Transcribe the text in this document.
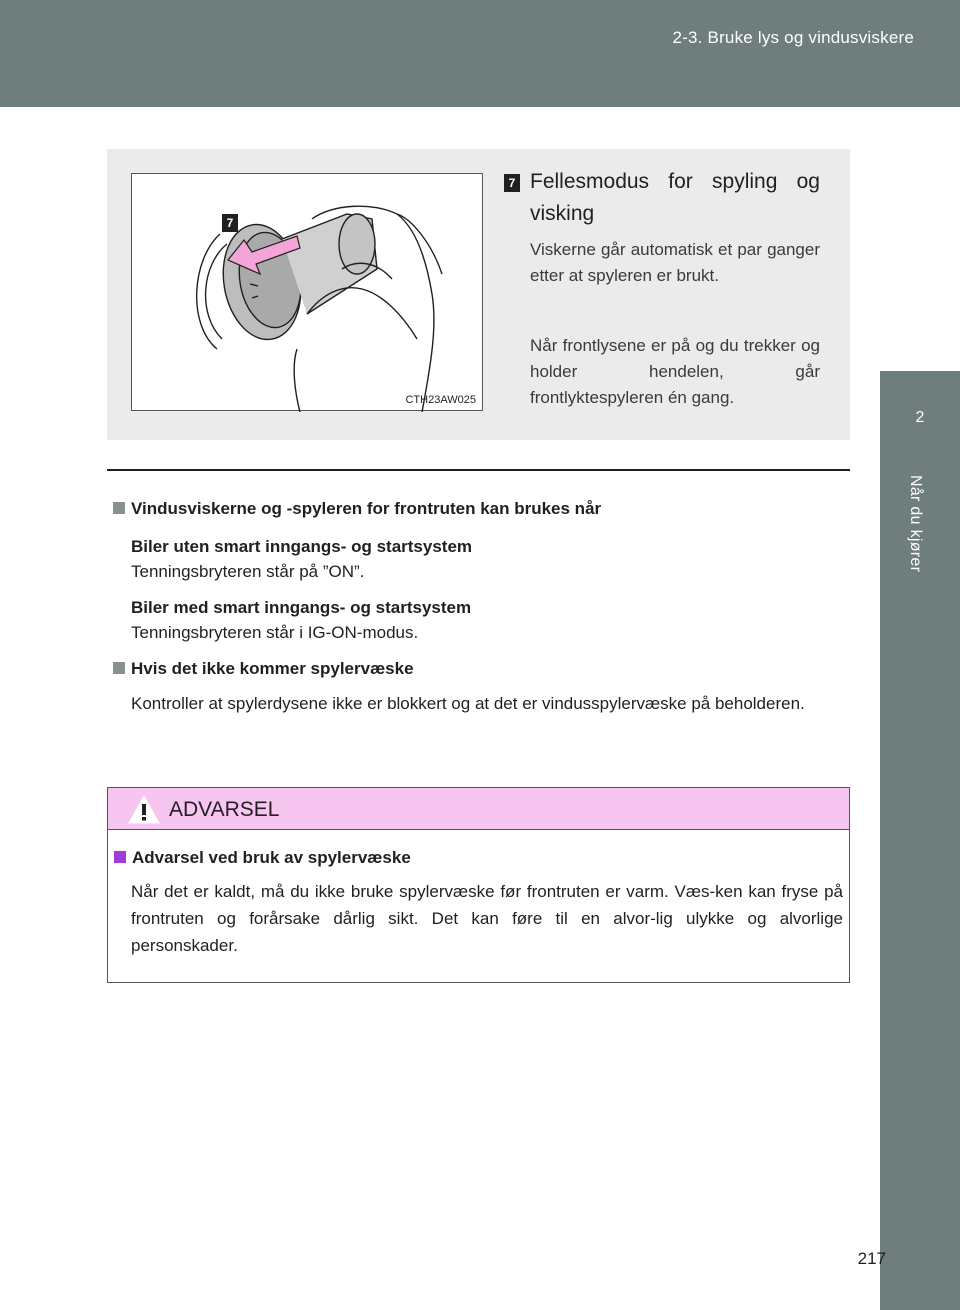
2-3. Bruke lys og vindusviskere
2
Når du kjører
7
CTH23AW025
7 Fellesmodus for spyling og visking
Viskerne går automatisk et par ganger etter at spyleren er brukt.
Når frontlysene er på og du trekker og holder hendelen, går frontlyktespyleren én gang.
Vindusviskerne og -spyleren for frontruten kan brukes når
Biler uten smart inngangs- og startsystem
Tenningsbryteren står på ”ON”.
Biler med smart inngangs- og startsystem
Tenningsbryteren står i IG-ON-modus.
Hvis det ikke kommer spylervæske
Kontroller at spylerdysene ikke er blokkert og at det er vindusspylervæske på beholderen.
ADVARSEL
Advarsel ved bruk av spylervæske
Når det er kaldt, må du ikke bruke spylervæske før frontruten er varm. Væs-ken kan fryse på frontruten og forårsake dårlig sikt. Det kan føre til en alvor-lig ulykke og alvorlige personskader.
217
